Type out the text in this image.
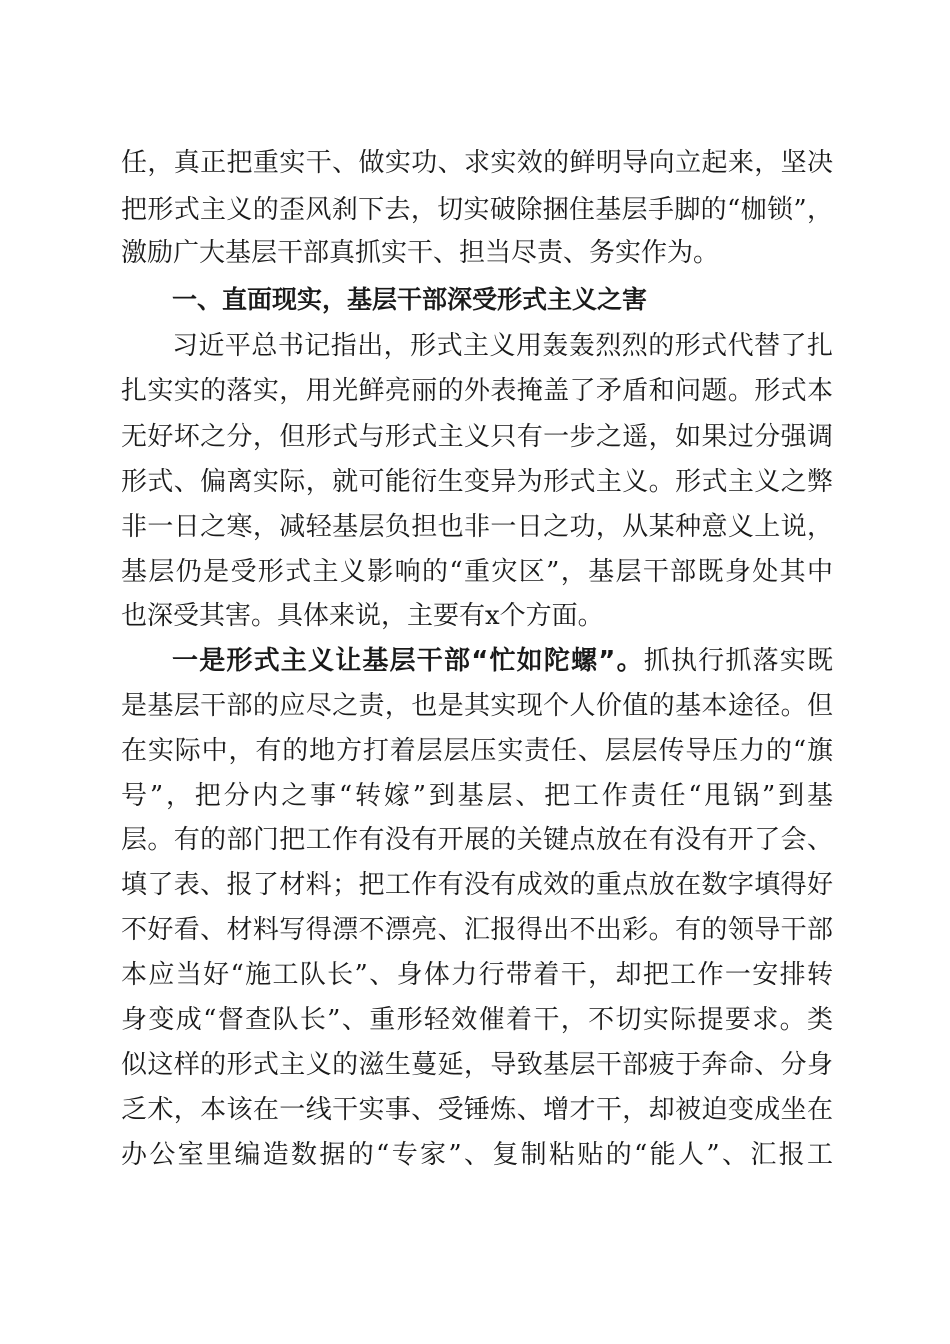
任，真正把重实干、做实功、求实效的鲜明导向立起来，坚决
把形式主义的歪风刹下去，切实破除捆住基层手脚的“枷锁”，
激励广大基层干部真抓实干、担当尽责、务实作为。
一、直面现实，基层干部深受形式主义之害
习近平总书记指出，形式主义用轰轰烈烈的形式代替了扎
扎实实的落实，用光鲜亮丽的外表掩盖了矛盾和问题。形式本
无好坏之分，但形式与形式主义只有一步之遥，如果过分强调
形式、偏离实际，就可能衍生变异为形式主义。形式主义之弊
非一日之寒，减轻基层负担也非一日之功，从某种意义上说，
基层仍是受形式主义影响的“重灾区”，基层干部既身处其中
也深受其害。具体来说，主要有x个方面。
一是形式主义让基层干部“忙如陀螺”。抓执行抓落实既
是基层干部的应尽之责，也是其实现个人价值的基本途径。但
在实际中，有的地方打着层层压实责任、层层传导压力的“旗
号”，把分内之事“转嫁”到基层、把工作责任“甩锅”到基
层。有的部门把工作有没有开展的关键点放在有没有开了会、
填了表、报了材料；把工作有没有成效的重点放在数字填得好
不好看、材料写得漂不漂亮、汇报得出不出彩。有的领导干部
本应当好“施工队长”、身体力行带着干，却把工作一安排转
身变成“督查队长”、重形轻效催着干，不切实际提要求。类
似这样的形式主义的滋生蔓延，导致基层干部疲于奔命、分身
乏术，本该在一线干实事、受锤炼、增才干，却被迫变成坐在
办公室里编造数据的“专家”、复制粘贴的“能人”、汇报工
